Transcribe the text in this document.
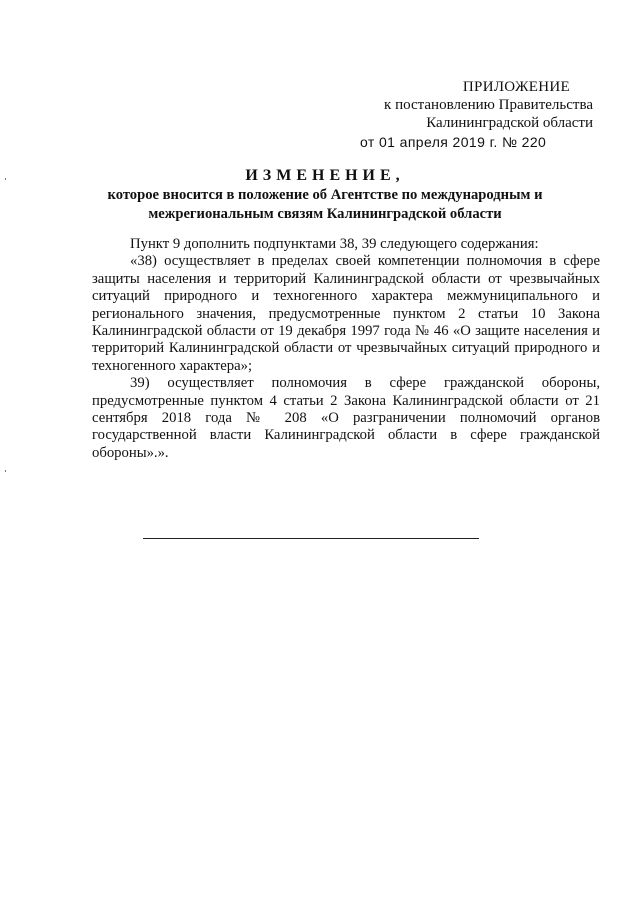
ПРИЛОЖЕНИЕ
к постановлению Правительства
Калининградской области
от 01 апреля 2019 г. № 220
ИЗМЕНЕНИЕ,
которое вносится в положение об Агентстве по международным и
межрегиональным связям Калининградской области

Пункт 9 дополнить подпунктами 38, 39 следующего содержания:

«38) осуществляет в пределах своей компетенции полномочия в сфере защиты населения и территорий Калининградской области от чрезвычайных ситуаций природного и техногенного характера межмуниципального и регионального значения, предусмотренные пунктом 2 статьи 10 Закона Калининградской области от 19 декабря 1997 года № 46 «О защите населения и территорий Калининградской области от чрезвычайных ситуаций природного и техногенного характера»;

39) осуществляет полномочия в сфере гражданской обороны, предусмотренные пунктом 4 статьи 2 Закона Калининградской области от 21 сентября 2018 года № 208 «О разграничении полномочий органов государственной власти Калининградской области в сфере гражданской обороны».».
